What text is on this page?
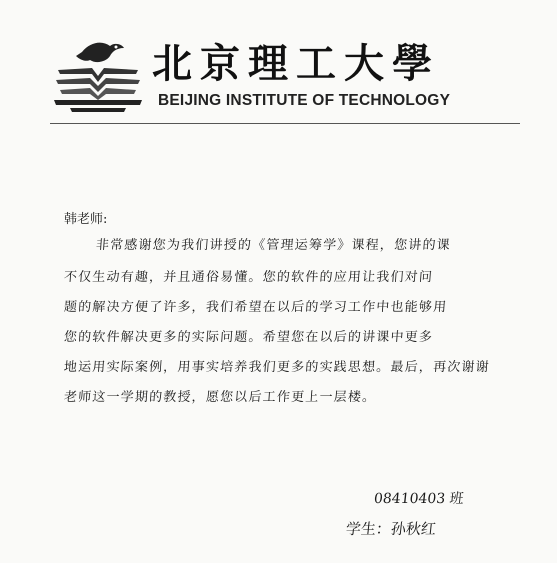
北京理工大學
BEIJING INSTITUTE OF TECHNOLOGY
韩老师:
非常感谢您为我们讲授的《管理运筹学》课程，您讲的课
不仅生动有趣，并且通俗易懂。您的软件的应用让我们对问
题的解决方便了许多，我们希望在以后的学习工作中也能够用
您的软件解决更多的实际问题。希望您在以后的讲课中更多
地运用实际案例，用事实培养我们更多的实践思想。最后，再次谢谢
老师这一学期的教授，愿您以后工作更上一层楼。
08410403 班
学生：孙秋红
